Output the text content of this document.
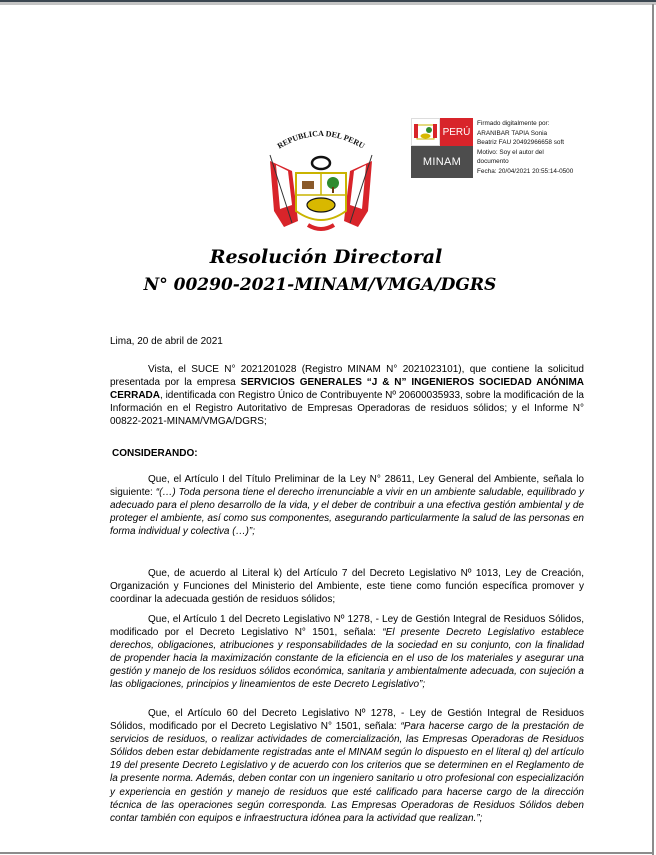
REPUBLICA DEL PERU
PERÚ
MINAM
Firmado digitalmente por:
ARANIBAR TAPIA Sonia
Beatriz FAU 20492966658 soft
Motivo: Soy el autor del
documento
Fecha: 20/04/2021 20:55:14-0500
Resolución Directoral
N° 00290-2021-MINAM/VMGA/DGRS
Lima, 20 de abril de 2021
Vista, el SUCE N° 2021201028 (Registro MINAM N° 2021023101), que contiene la solicitud presentada por la empresa SERVICIOS GENERALES “J & N” INGENIEROS SOCIEDAD ANÓNIMA CERRADA, identificada con Registro Único de Contribuyente Nº 20600035933, sobre la modificación de la Información en el Registro Autoritativo de Empresas Operadoras de residuos sólidos; y el Informe N° 00822-2021-MINAM/VMGA/DGRS;
CONSIDERANDO:
Que, el Artículo I del Título Preliminar de la Ley N° 28611, Ley General del Ambiente, señala lo siguiente: “(…) Toda persona tiene el derecho irrenunciable a vivir en un ambiente saludable, equilibrado y adecuado para el pleno desarrollo de la vida, y el deber de contribuir a una efectiva gestión ambiental y de proteger el ambiente, así como sus componentes, asegurando particularmente la salud de las personas en forma individual y colectiva (…)”;
Que, de acuerdo al Literal k) del Artículo 7 del Decreto Legislativo Nº 1013, Ley de Creación, Organización y Funciones del Ministerio del Ambiente, este tiene como función específica promover y coordinar la adecuada gestión de residuos sólidos;
Que, el Artículo 1 del Decreto Legislativo Nº 1278, - Ley de Gestión Integral de Residuos Sólidos, modificado por el Decreto Legislativo N° 1501, señala: “El presente Decreto Legislativo establece derechos, obligaciones, atribuciones y responsabilidades de la sociedad en su conjunto, con la finalidad de propender hacia la maximización constante de la eficiencia en el uso de los materiales y asegurar una gestión y manejo de los residuos sólidos económica, sanitaria y ambientalmente adecuada, con sujeción a las obligaciones, principios y lineamientos de este Decreto Legislativo”;
Que, el Artículo 60 del Decreto Legislativo Nº 1278, - Ley de Gestión Integral de Residuos Sólidos, modificado por el Decreto Legislativo N° 1501, señala: “Para hacerse cargo de la prestación de servicios de residuos, o realizar actividades de comercialización, las Empresas Operadoras de Residuos Sólidos deben estar debidamente registradas ante el MINAM según lo dispuesto en el literal q) del artículo 19 del presente Decreto Legislativo y de acuerdo con los criterios que se determinen en el Reglamento de la presente norma. Además, deben contar con un ingeniero sanitario u otro profesional con especialización y experiencia en gestión y manejo de residuos que esté calificado para hacerse cargo de la dirección técnica de las operaciones según corresponda. Las Empresas Operadoras de Residuos Sólidos deben contar también con equipos e infraestructura idónea para la actividad que realizan.”;
